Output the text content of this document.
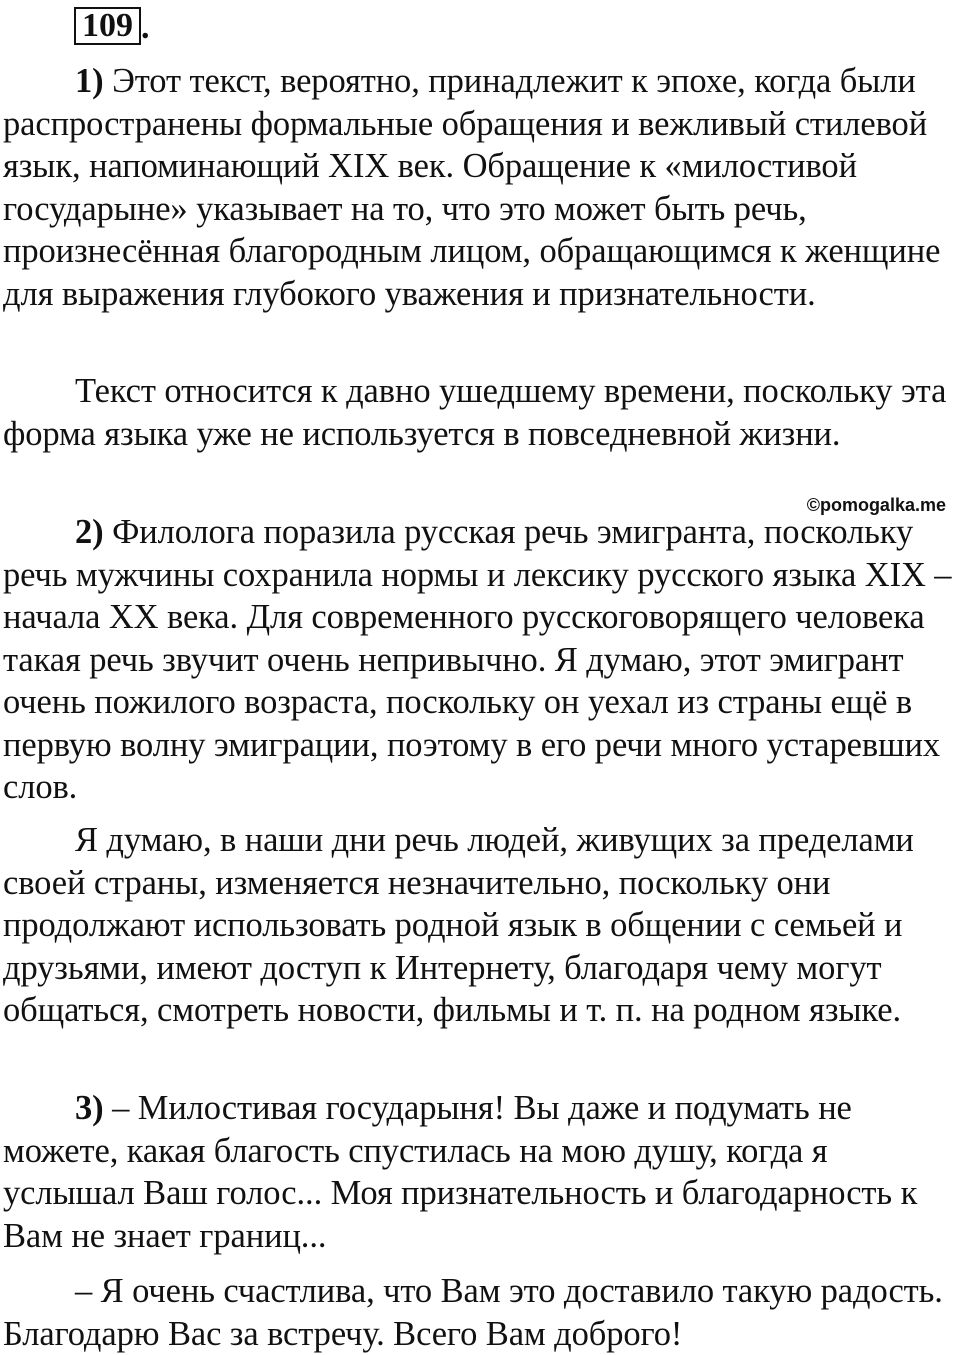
109 .

1) Этот текст, вероятно, принадлежит к эпохе, когда были распространены формальные обращения и вежливый стилевой язык, напоминающий XIX век. Обращение к «милостивой государыне» указывает на то, что это может быть речь, произнесённая благородным лицом, обращающимся к женщине для выражения глубокого уважения и признательности.

Текст относится к давно ушедшему времени, поскольку эта форма языка уже не используется в повседневной жизни.

©pomogalka.me

2) Филолога поразила русская речь эмигранта, поскольку речь мужчины сохранила нормы и лексику русского языка XIX – начала XX века. Для современного русскоговорящего человека такая речь звучит очень непривычно. Я думаю, этот эмигрант очень пожилого возраста, поскольку он уехал из страны ещё в первую волну эмиграции, поэтому в его речи много устаревших слов.

Я думаю, в наши дни речь людей, живущих за пределами своей страны, изменяется незначительно, поскольку они продолжают использовать родной язык в общении с семьей и друзьями, имеют доступ к Интернету, благодаря чему могут общаться, смотреть новости, фильмы и т. п. на родном языке.

3) – Милостивая государыня! Вы даже и подумать не можете, какая благость спустилась на мою душу, когда я услышал Ваш голос... Моя признательность и благодарность к Вам не знает границ...

– Я очень счастлива, что Вам это доставило такую радость. Благодарю Вас за встречу. Всего Вам доброго!
